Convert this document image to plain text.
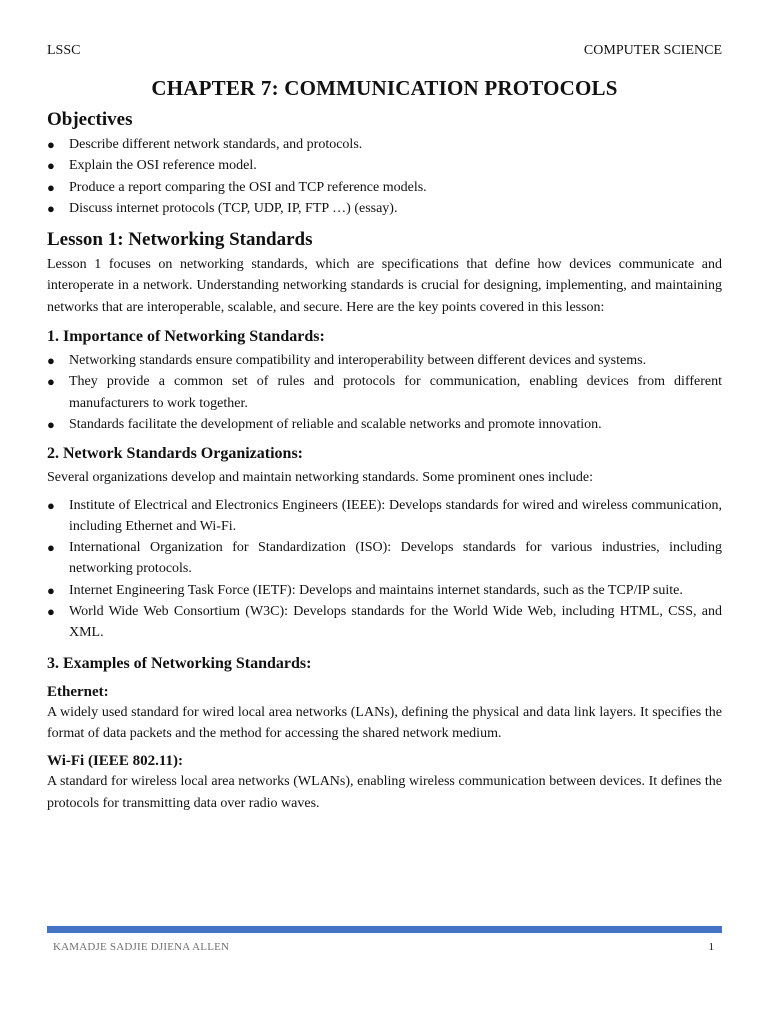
LSSC	COMPUTER SCIENCE
CHAPTER 7: COMMUNICATION PROTOCOLS
Objectives
● Describe different network standards, and protocols.
● Explain the OSI reference model.
● Produce a report comparing the OSI and TCP reference models.
● Discuss internet protocols (TCP, UDP, IP, FTP …) (essay).
Lesson 1: Networking Standards

Lesson 1 focuses on networking standards, which are specifications that define how devices communicate and interoperate in a network. Understanding networking standards is crucial for designing, implementing, and maintaining networks that are interoperable, scalable, and secure. Here are the key points covered in this lesson:

1. Importance of Networking Standards:
● Networking standards ensure compatibility and interoperability between different devices and systems.
● They provide a common set of rules and protocols for communication, enabling devices from different manufacturers to work together.
● Standards facilitate the development of reliable and scalable networks and promote innovation.
2. Network Standards Organizations:

Several organizations develop and maintain networking standards. Some prominent ones include:

● Institute of Electrical and Electronics Engineers (IEEE): Develops standards for wired and wireless communication, including Ethernet and Wi-Fi.
● International Organization for Standardization (ISO): Develops standards for various industries, including networking protocols.
● Internet Engineering Task Force (IETF): Develops and maintains internet standards, such as the TCP/IP suite.
● World Wide Web Consortium (W3C): Develops standards for the World Wide Web, including HTML, CSS, and XML.
3. Examples of Networking Standards:
Ethernet:

A widely used standard for wired local area networks (LANs), defining the physical and data link layers. It specifies the format of data packets and the method for accessing the shared network medium.

Wi-Fi (IEEE 802.11):

A standard for wireless local area networks (WLANs), enabling wireless communication between devices. It defines the protocols for transmitting data over radio waves.

KAMADJE SADJIE DJIENA ALLEN	1
